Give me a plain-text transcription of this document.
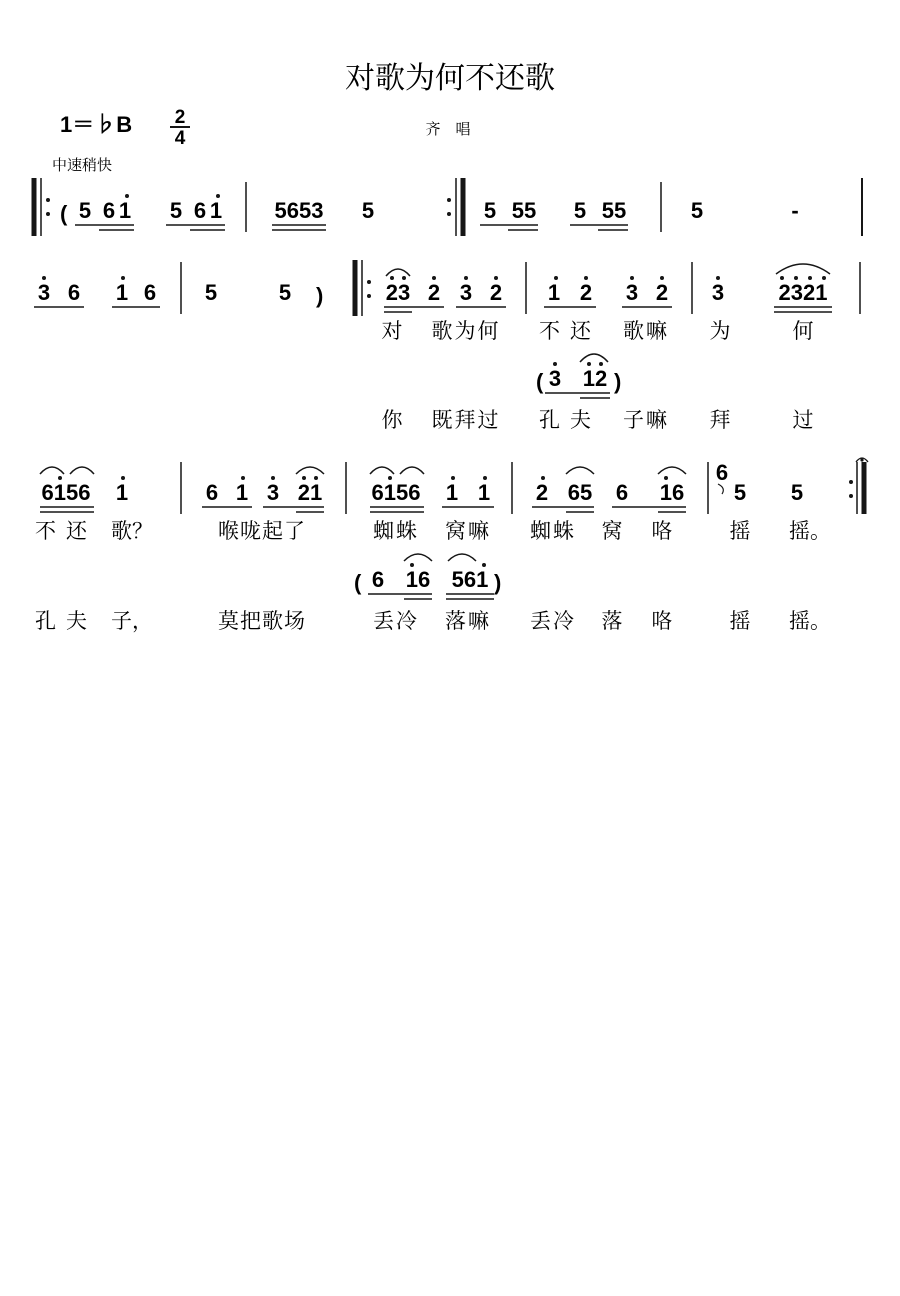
对歌为何不还歌
1＝♭B 2
4	齐　唱
中速稍快
( 5 6 1 5 6 1 5653 5	5 55 5 55	5	-
3 6 1 6 5	5 )	23 2 3 2 1 2 3 2 3 2321
对 歌为何 不还 歌嘛 为	何
( 3 12 )
你 既拜过 孔夫 子嘛 拜	过
6156 1	6 1 3 21 6156 1 1 2 65 6 16
6
5 5
不还 歌？	喉咙起了	蜘蛛 窝嘛 蜘蛛 窝 咯	摇 摇。
( 6 16 561 )
孔夫 子，	莫把歌场	丢冷 落嘛 丢冷 落 咯	摇 摇。
